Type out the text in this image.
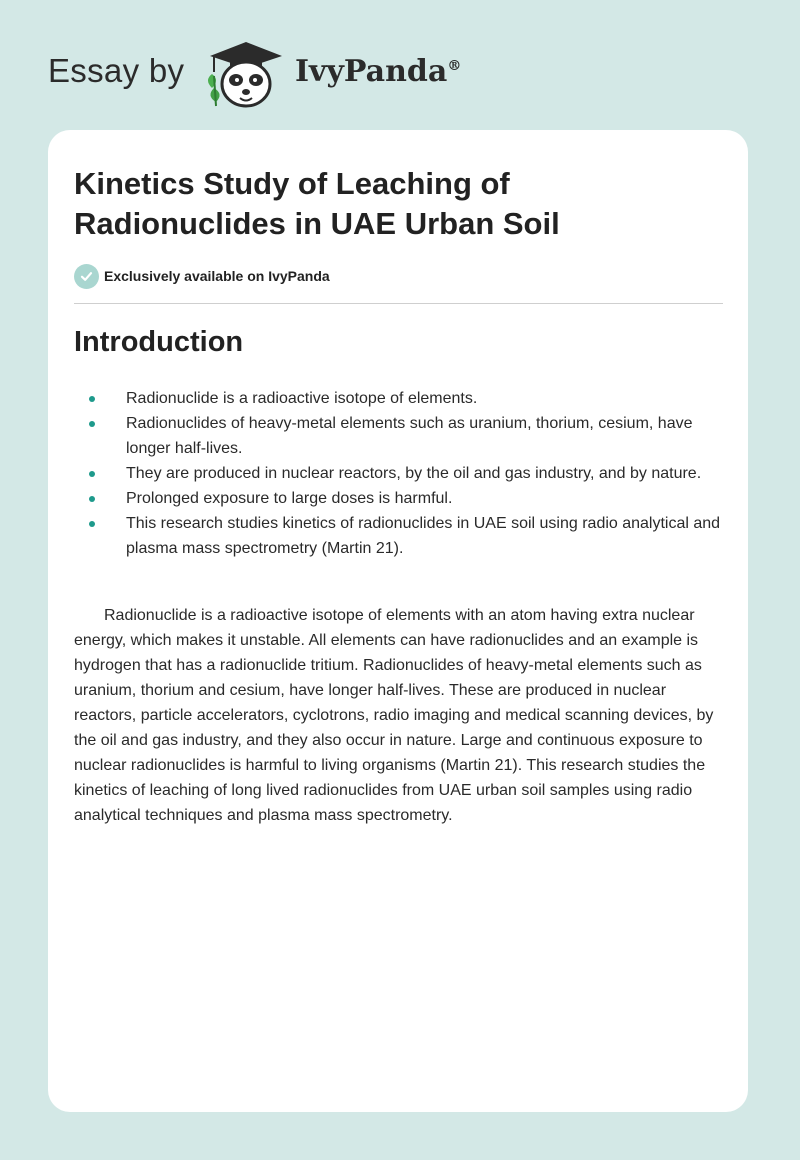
Essay by	IvyPanda®
Kinetics Study of Leaching of
Radionuclides in UAE Urban Soil
Exclusively available on IvyPanda
Introduction
Radionuclide is a radioactive isotope of elements.
Radionuclides of heavy-metal elements such as uranium, thorium, cesium, have longer half-lives.
They are produced in nuclear reactors, by the oil and gas industry, and by nature.
Prolonged exposure to large doses is harmful.
This research studies kinetics of radionuclides in UAE soil using radio analytical and plasma mass spectrometry (Martin 21).

Radionuclide is a radioactive isotope of elements with an atom having extra nuclear energy, which makes it unstable. All elements can have radionuclides and an example is hydrogen that has a radionuclide tritium. Radionuclides of heavy-metal elements such as uranium, thorium and cesium, have longer half-lives. These are produced in nuclear reactors, particle accelerators, cyclotrons, radio imaging and medical scanning devices, by the oil and gas industry, and they also occur in nature. Large and continuous exposure to nuclear radionuclides is harmful to living organisms (Martin 21). This research studies the kinetics of leaching of long lived radionuclides from UAE urban soil samples using radio analytical techniques and plasma mass spectrometry.
